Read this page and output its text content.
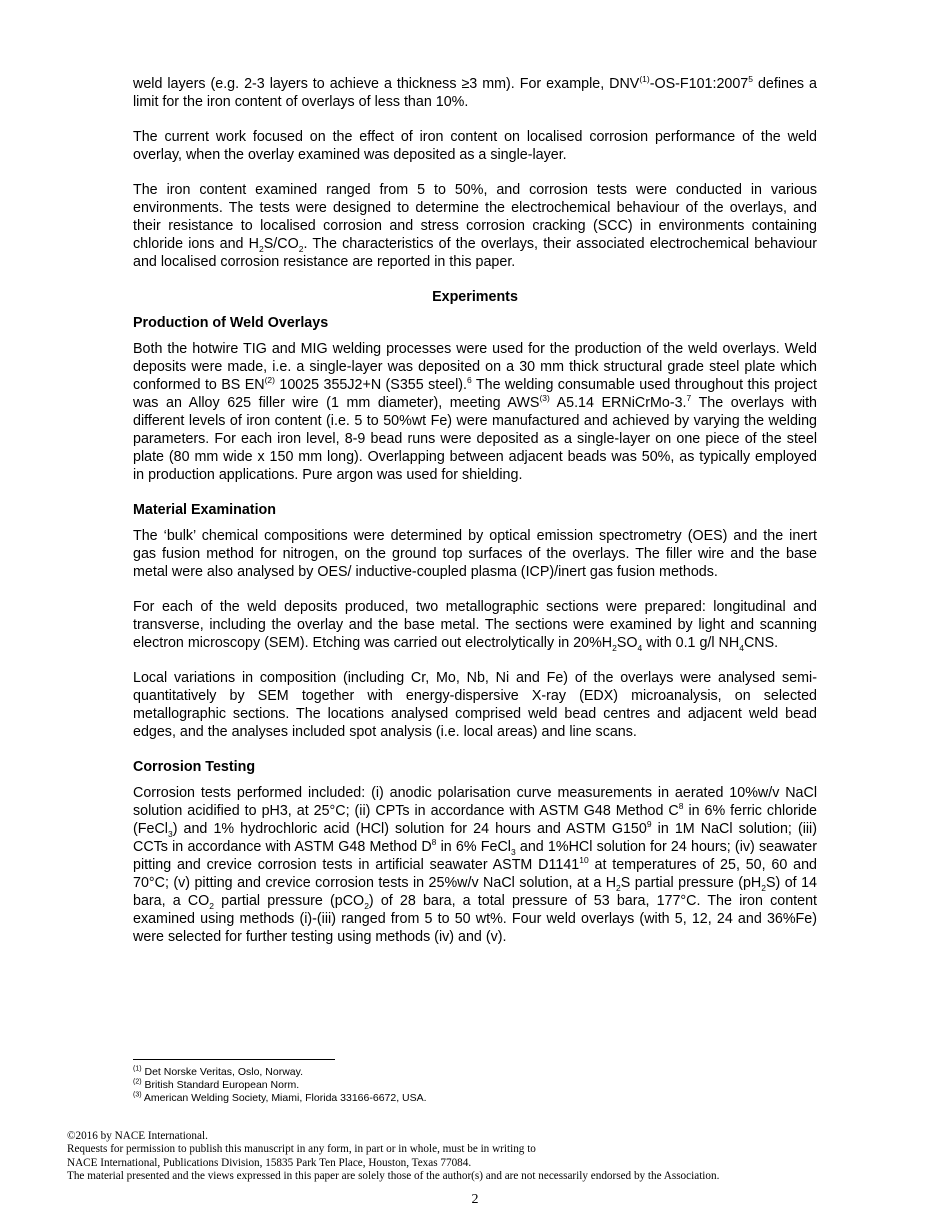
weld layers (e.g. 2-3 layers to achieve a thickness ≥3 mm). For example, DNV$^{(1)}$-OS-F101:2007$^5$ defines a limit for the iron content of overlays of less than 10%.

The current work focused on the effect of iron content on localised corrosion performance of the weld overlay, when the overlay examined was deposited as a single-layer.

The iron content examined ranged from 5 to 50%, and corrosion tests were conducted in various environments. The tests were designed to determine the electrochemical behaviour of the overlays, and their resistance to localised corrosion and stress corrosion cracking (SCC) in environments containing chloride ions and $H_2S/CO_2$. The characteristics of the overlays, their associated electrochemical behaviour and localised corrosion resistance are reported in this paper.

Experiments
Production of Weld Overlays

Both the hotwire TIG and MIG welding processes were used for the production of the weld overlays. Weld deposits were made, i.e. a single-layer was deposited on a 30 mm thick structural grade steel plate which conformed to BS EN$^{(2)}$ 10025 355J2+N (S355 steel).$^6$ The welding consumable used throughout this project was an Alloy 625 filler wire (1 mm diameter), meeting AWS$^{(3)}$ A5.14 ERNiCrMo-3.$^7$ The overlays with different levels of iron content (i.e. 5 to 50%wt Fe) were manufactured and achieved by varying the welding parameters. For each iron level, 8-9 bead runs were deposited as a single-layer on one piece of the steel plate (80 mm wide x 150 mm long). Overlapping between adjacent beads was 50%, as typically employed in production applications. Pure argon was used for shielding.

Material Examination

The ‘bulk’ chemical compositions were determined by optical emission spectrometry (OES) and the inert gas fusion method for nitrogen, on the ground top surfaces of the overlays. The filler wire and the base metal were also analysed by OES/ inductive-coupled plasma (ICP)/inert gas fusion methods.

For each of the weld deposits produced, two metallographic sections were prepared: longitudinal and transverse, including the overlay and the base metal. The sections were examined by light and scanning electron microscopy (SEM). Etching was carried out electrolytically in $20\%H_2SO_4$ with 0.1 g/l $NH_4CNS$.

Local variations in composition (including Cr, Mo, Nb, Ni and Fe) of the overlays were analysed semi-quantitatively by SEM together with energy-dispersive X-ray (EDX) microanalysis, on selected metallographic sections. The locations analysed comprised weld bead centres and adjacent weld bead edges, and the analyses included spot analysis (i.e. local areas) and line scans.

Corrosion Testing

Corrosion tests performed included: (i) anodic polarisation curve measurements in aerated 10%w/v NaCl solution acidified to pH3, at 25°C; (ii) CPTs in accordance with ASTM G48 Method $C^8$ in 6% ferric chloride (FeCl$_3$) and 1% hydrochloric acid (HCl) solution for 24 hours and ASTM $G150^9$ in 1M NaCl solution; (iii) CCTs in accordance with ASTM G48 Method $D^8$ in 6% FeCl$_3$ and 1%HCl solution for 24 hours; (iv) seawater pitting and crevice corrosion tests in artificial seawater ASTM D1141$^{10}$ at temperatures of 25, 50, 60 and 70°C; (v) pitting and crevice corrosion tests in 25%w/v NaCl solution, at a $H_2S$ partial pressure $(pH_2S)$ of 14 bara, a $CO_2$ partial pressure (pCO$_2$) of 28 bara, a total pressure of 53 bara, 177°C. The iron content examined using methods (i)-(iii) ranged from 5 to 50 wt%. Four weld overlays (with 5, 12, 24 and 36%Fe) were selected for further testing using methods (iv) and (v).

$^{(1)}$ Det Norske Veritas, Oslo, Norway.

$^{(2)}$ British Standard European Norm.

$^{(3)}$ American Welding Society, Miami, Florida 33166-6672, USA.

©2016 by NACE International.

Requests for permission to publish this manuscript in any form, in part or in whole, must be in writing to

NACE International, Publications Division, 15835 Park Ten Place, Houston, Texas 77084.

The material presented and the views expressed in this paper are solely those of the author(s) and are not necessarily endorsed by the Association.

2
